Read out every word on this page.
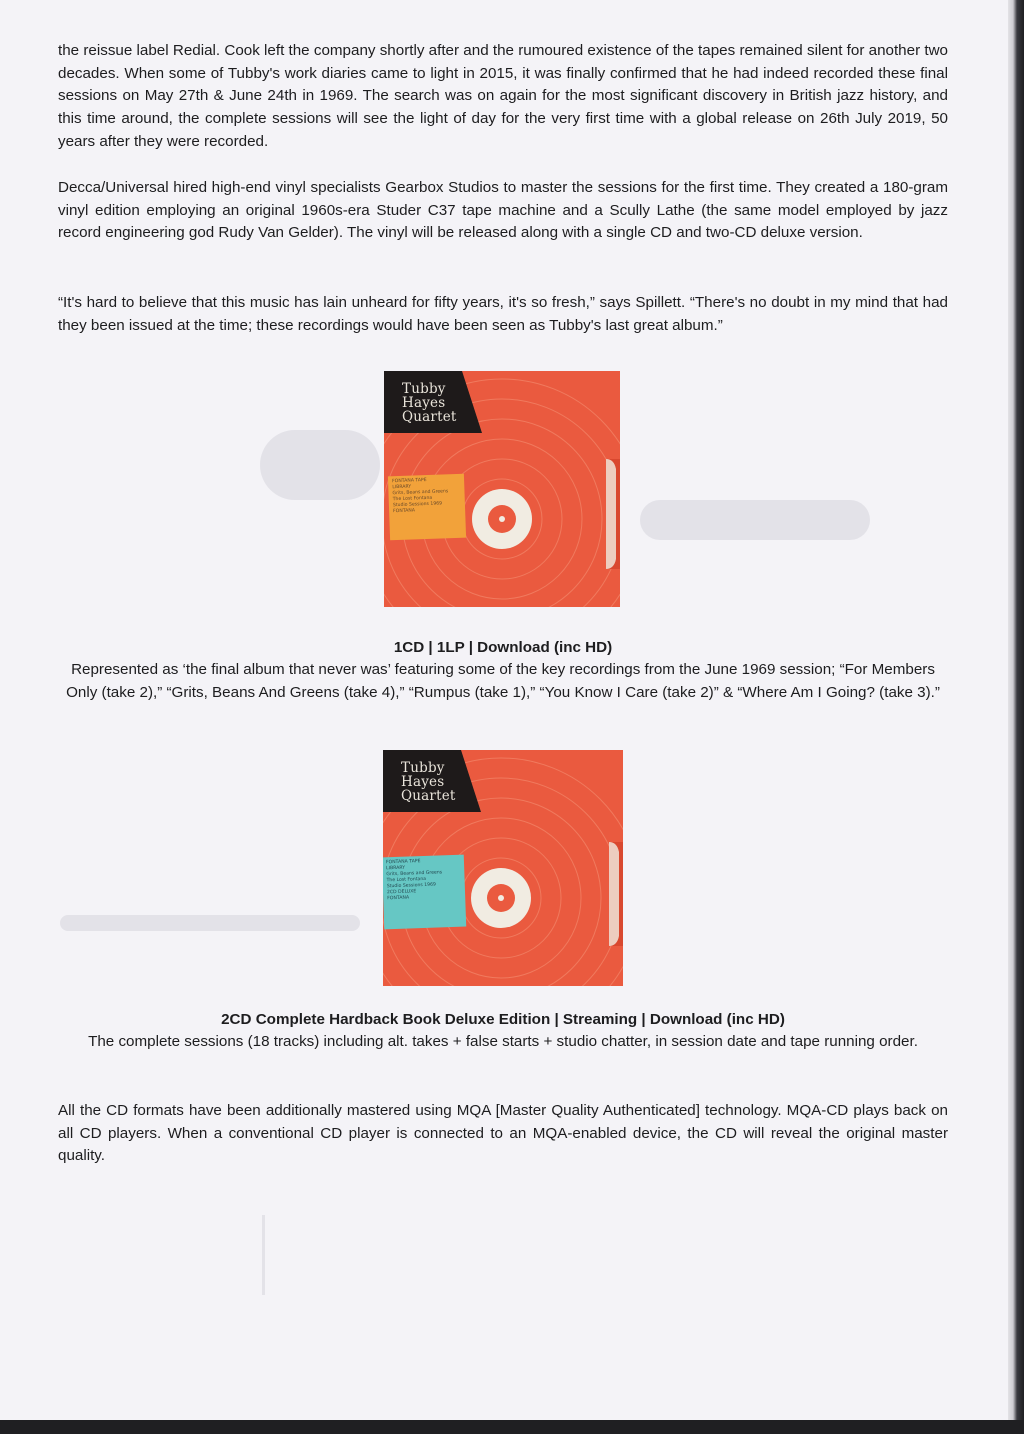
the reissue label Redial. Cook left the company shortly after and the rumoured existence of the tapes remained silent for another two decades. When some of Tubby's work diaries came to light in 2015, it was finally confirmed that he had indeed recorded these final sessions on May 27th & June 24th in 1969. The search was on again for the most significant discovery in British jazz history, and this time around, the complete sessions will see the light of day for the very first time with a global release on 26th July 2019, 50 years after they were recorded.

Decca/Universal hired high-end vinyl specialists Gearbox Studios to master the sessions for the first time. They created a 180-gram vinyl edition employing an original 1960s-era Studer C37 tape machine and a Scully Lathe (the same model employed by jazz record engineering god Rudy Van Gelder). The vinyl will be released along with a single CD and two-CD deluxe version.

“It's hard to believe that this music has lain unheard for fifty years, it's so fresh,” says Spillett. “There's no doubt in my mind that had they been issued at the time; these recordings would have been seen as Tubby's last great album.”

Tubby
Hayes
Quartet
FONTANA TAPE
LIBRARY
Grits, Beans and Greens
The Lost Fontana
Studio Sessions 1969
FONTANA
1CD | 1LP | Download (inc HD)
Represented as ‘the final album that never was’ featuring some of the key recordings from the June 1969 session; “For Members Only (take 2),” “Grits, Beans And Greens (take 4),” “Rumpus (take 1),” “You Know I Care (take 2)” & “Where Am I Going? (take 3).”
Tubby
Hayes
Quartet
FONTANA TAPE
LIBRARY
Grits, Beans and Greens
The Lost Fontana
Studio Sessions 1969
2CD DELUXE
FONTANA
2CD Complete Hardback Book Deluxe Edition | Streaming | Download (inc HD)
The complete sessions (18 tracks) including alt. takes + false starts + studio chatter, in session date and tape running order.

All the CD formats have been additionally mastered using MQA [Master Quality Authenticated] technology. MQA-CD plays back on all CD players. When a conventional CD player is connected to an MQA-enabled device, the CD will reveal the original master quality.
